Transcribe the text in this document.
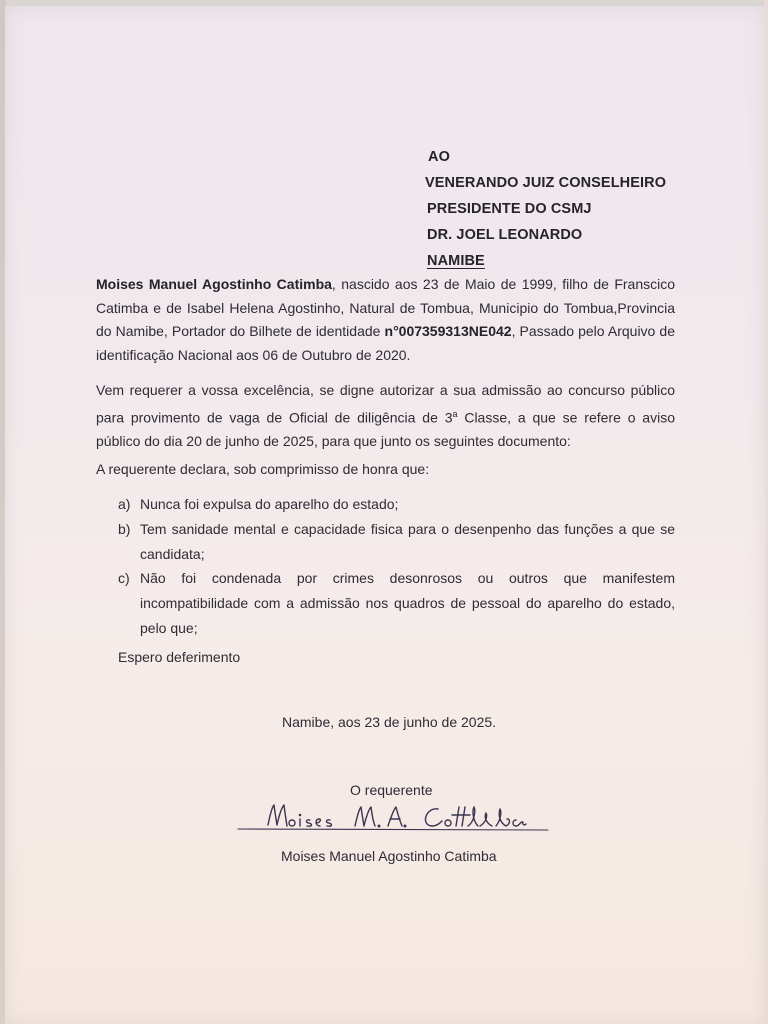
AO
VENERANDO JUIZ CONSELHEIRO
PRESIDENTE DO CSMJ
DR. JOEL LEONARDO
NAMIBE
Moises Manuel Agostinho Catimba, nascido aos 23 de Maio de 1999, filho de Franscico Catimba e de Isabel Helena Agostinho, Natural de Tombua, Municipio do Tombua,Provincia do Namibe, Portador do Bilhete de identidade n°007359313NE042, Passado pelo Arquivo de identificação Nacional aos 06 de Outubro de 2020.
Vem requerer a vossa excelência, se digne autorizar a sua admissão ao concurso público para provimento de vaga de Oficial de diligência de 3$^a$ Classe, a que se refere o aviso público do dia 20 de junho de 2025, para que junto os seguintes documento:
A requerente declara, sob comprimisso de honra que:
a) Nunca foi expulsa do aparelho do estado;
b) Tem sanidade mental e capacidade fisica para o desenpenho das funções a que se candidata;
c) Não foi condenada por crimes desonrosos ou outros que manifestem incompatibilidade com a admissão nos quadros de pessoal do aparelho do estado, pelo que;
Espero deferimento
Namibe, aos 23 de junho de 2025.
O requerente
Moises Manuel Agostinho Catimba
